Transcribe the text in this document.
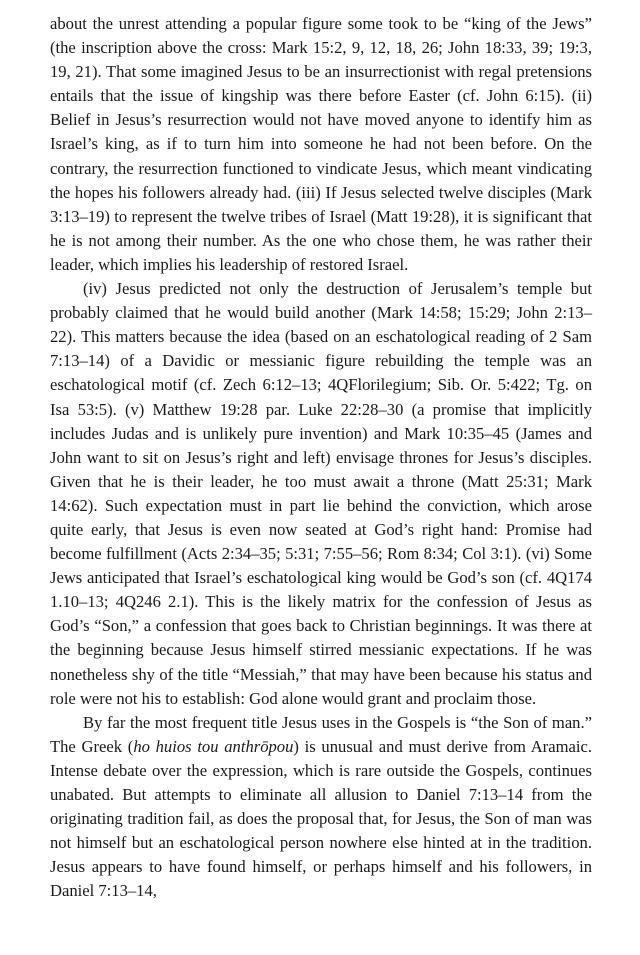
about the unrest attending a popular figure some took to be “king of the Jews” (the inscription above the cross: Mark 15:2, 9, 12, 18, 26; John 18:33, 39; 19:3, 19, 21). That some imagined Jesus to be an insurrectionist with regal pretensions entails that the issue of kingship was there before Easter (cf. John 6:15). (ii) Belief in Jesus’s resurrection would not have moved anyone to identify him as Israel’s king, as if to turn him into someone he had not been before. On the contrary, the resurrection functioned to vindicate Jesus, which meant vindicating the hopes his followers already had. (iii) If Jesus selected twelve disciples (Mark 3:13–19) to represent the twelve tribes of Israel (Matt 19:28), it is significant that he is not among their number. As the one who chose them, he was rather their leader, which implies his leadership of restored Israel.

(iv) Jesus predicted not only the destruction of Jerusalem’s temple but probably claimed that he would build another (Mark 14:58; 15:29; John 2:13–22). This matters because the idea (based on an eschatological reading of 2 Sam 7:13–14) of a Davidic or messianic figure rebuilding the temple was an eschatological motif (cf. Zech 6:12–13; 4QFlorilegium; Sib. Or. 5:422; Tg. on Isa 53:5). (v) Matthew 19:28 par. Luke 22:28–30 (a promise that implicitly includes Judas and is unlikely pure invention) and Mark 10:35–45 (James and John want to sit on Jesus’s right and left) envisage thrones for Jesus’s disciples. Given that he is their leader, he too must await a throne (Matt 25:31; Mark 14:62). Such expectation must in part lie behind the conviction, which arose quite early, that Jesus is even now seated at God’s right hand: Promise had become fulfillment (Acts 2:34–35; 5:31; 7:55–56; Rom 8:34; Col 3:1). (vi) Some Jews anticipated that Israel’s eschatological king would be God’s son (cf. 4Q174 1.10–13; 4Q246 2.1). This is the likely matrix for the confession of Jesus as God’s “Son,” a confession that goes back to Christian beginnings. It was there at the beginning because Jesus himself stirred messianic expectations. If he was nonetheless shy of the title “Messiah,” that may have been because his status and role were not his to establish: God alone would grant and proclaim those.

By far the most frequent title Jesus uses in the Gospels is “the Son of man.” The Greek (ho huios tou anthrōpou) is unusual and must derive from Aramaic. Intense debate over the expression, which is rare outside the Gospels, continues unabated. But attempts to eliminate all allusion to Daniel 7:13–14 from the originating tradition fail, as does the proposal that, for Jesus, the Son of man was not himself but an eschatological person nowhere else hinted at in the tradition. Jesus appears to have found himself, or perhaps himself and his followers, in Daniel 7:13–14,
